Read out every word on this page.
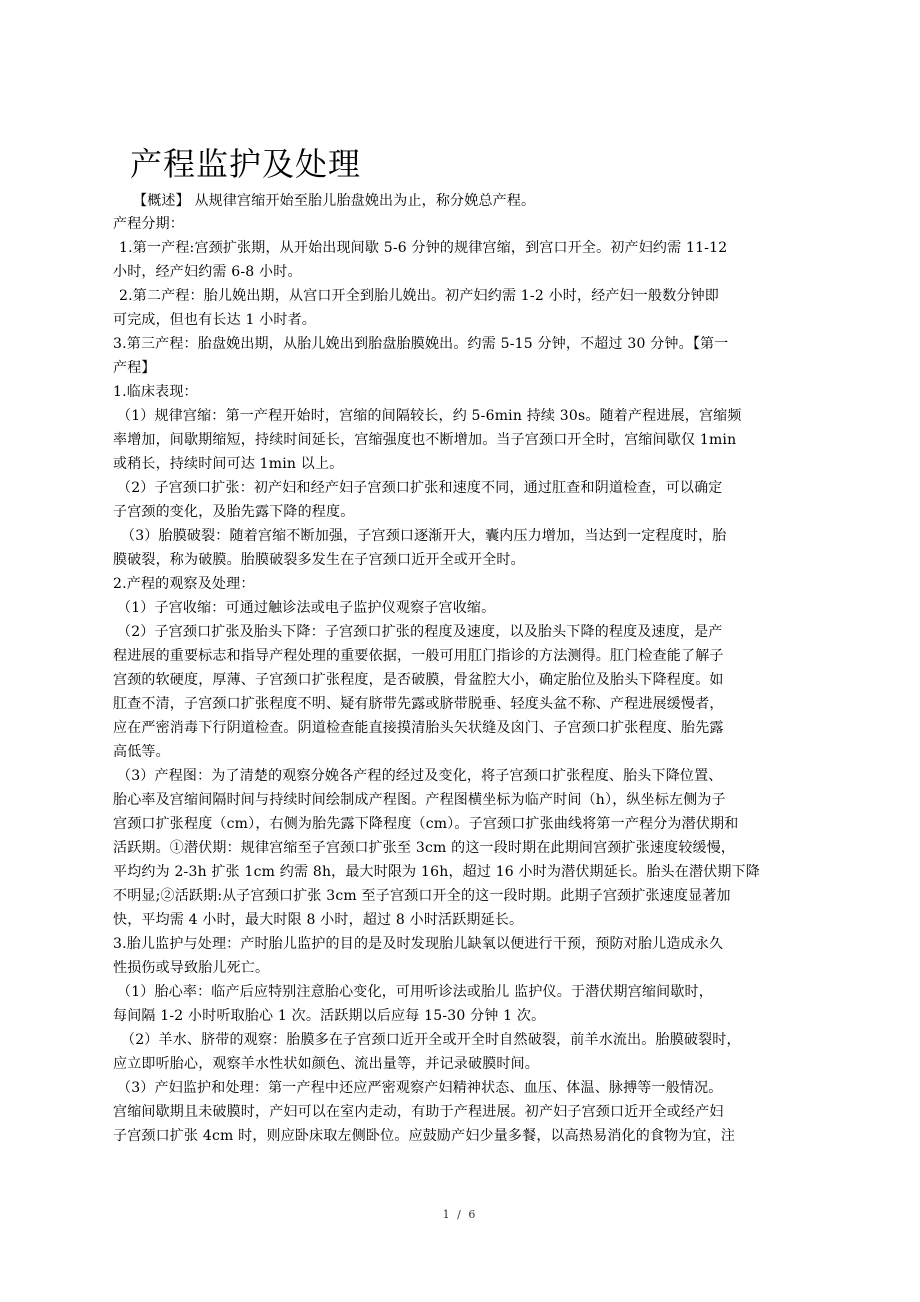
产程监护及处理
【概述】 从规律宫缩开始至胎儿胎盘娩出为止，称分娩总产程。
产程分期：
1.第一产程:宫颈扩张期，从开始出现间歇 5-6 分钟的规律宫缩，到宫口开全。初产妇约需 11-12
小时，经产妇约需 6-8 小时。
2.第二产程：胎儿娩出期，从宫口开全到胎儿娩出。初产妇约需 1-2 小时，经产妇一般数分钟即
可完成，但也有长达 1 小时者。
3.第三产程：胎盘娩出期，从胎儿娩出到胎盘胎膜娩出。约需 5-15 分钟，不超过 30 分钟。【第一
产程】
1.临床表现：
（1）规律宫缩：第一产程开始时，宫缩的间隔较长，约 5-6min 持续 30s。随着产程进展，宫缩频
率增加，间歇期缩短，持续时间延长，宫缩强度也不断增加。当子宫颈口开全时，宫缩间歇仅 1min
或稍长，持续时间可达 1min 以上。
（2）子宫颈口扩张：初产妇和经产妇子宫颈口扩张和速度不同，通过肛查和阴道检查，可以确定
子宫颈的变化，及胎先露下降的程度。
（3）胎膜破裂：随着宫缩不断加强，子宫颈口逐渐开大，囊内压力增加，当达到一定程度时，胎
膜破裂，称为破膜。胎膜破裂多发生在子宫颈口近开全或开全时。
2.产程的观察及处理：
（1）子宫收缩：可通过触诊法或电子监护仪观察子宫收缩。
（2）子宫颈口扩张及胎头下降：子宫颈口扩张的程度及速度，以及胎头下降的程度及速度，是产
程进展的重要标志和指导产程处理的重要依据，一般可用肛门指诊的方法测得。肛门检查能了解子
宫颈的软硬度，厚薄、子宫颈口扩张程度，是否破膜，骨盆腔大小，确定胎位及胎头下降程度。如
肛查不清，子宫颈口扩张程度不明、疑有脐带先露或脐带脱垂、轻度头盆不称、产程进展缓慢者，
应在严密消毒下行阴道检查。阴道检查能直接摸清胎头矢状缝及囟门、子宫颈口扩张程度、胎先露
高低等。
（3）产程图：为了清楚的观察分娩各产程的经过及变化，将子宫颈口扩张程度、胎头下降位置、
胎心率及宫缩间隔时间与持续时间绘制成产程图。产程图横坐标为临产时间（h），纵坐标左侧为子
宫颈口扩张程度（cm），右侧为胎先露下降程度（cm）。子宫颈口扩张曲线将第一产程分为潜伏期和
活跃期。①潜伏期：规律宫缩至子宫颈口扩张至 3cm 的这一段时期在此期间宫颈扩张速度较缓慢，
平均约为 2-3h 扩张 1cm 约需 8h，最大时限为 16h，超过 16 小时为潜伏期延长。胎头在潜伏期下降
不明显;②活跃期:从子宫颈口扩张 3cm 至子宫颈口开全的这一段时期。此期子宫颈扩张速度显著加
快，平均需 4 小时，最大时限 8 小时，超过 8 小时活跃期延长。
3.胎儿监护与处理：产时胎儿监护的目的是及时发现胎儿缺氧以便进行干预，预防对胎儿造成永久
性损伤或导致胎儿死亡。
（1）胎心率：临产后应特别注意胎心变化，可用听诊法或胎儿 监护仪。于潜伏期宫缩间歇时，
每间隔 1-2 小时听取胎心 1 次。活跃期以后应每 15-30 分钟 1 次。
（2）羊水、脐带的观察：胎膜多在子宫颈口近开全或开全时自然破裂，前羊水流出。胎膜破裂时，
应立即听胎心，观察羊水性状如颜色、流出量等，并记录破膜时间。
（3）产妇监护和处理：第一产程中还应严密观察产妇精神状态、血压、体温、脉搏等一般情况。
宫缩间歇期且未破膜时，产妇可以在室内走动，有助于产程进展。初产妇子宫颈口近开全或经产妇
子宫颈口扩张 4cm 时，则应卧床取左侧卧位。应鼓励产妇少量多餐，以高热易消化的食物为宜，注
1 / 6
